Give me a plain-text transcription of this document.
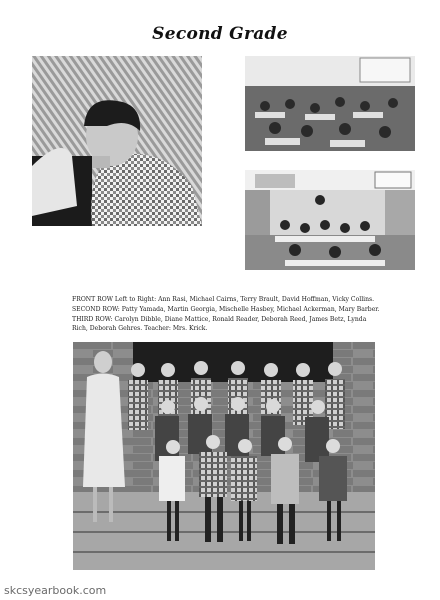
Second Grade
FRONT ROW Left to Right: Ann Rasi, Michael Cairns, Terry Brault, David Hoffman, Vicky Collins. SECOND ROW: Patty Yamada, Martin Georgia, Mischelle Hasbey, Michael Ackerman, Mary Barber. THIRD ROW: Carolyn Dibble, Diane Mattice, Ronald Reader, Deborah Reed, James Betz, Lynda Rich, Deborah Gehres. Teacher: Mrs. Krick.
skcsyearbook.com
